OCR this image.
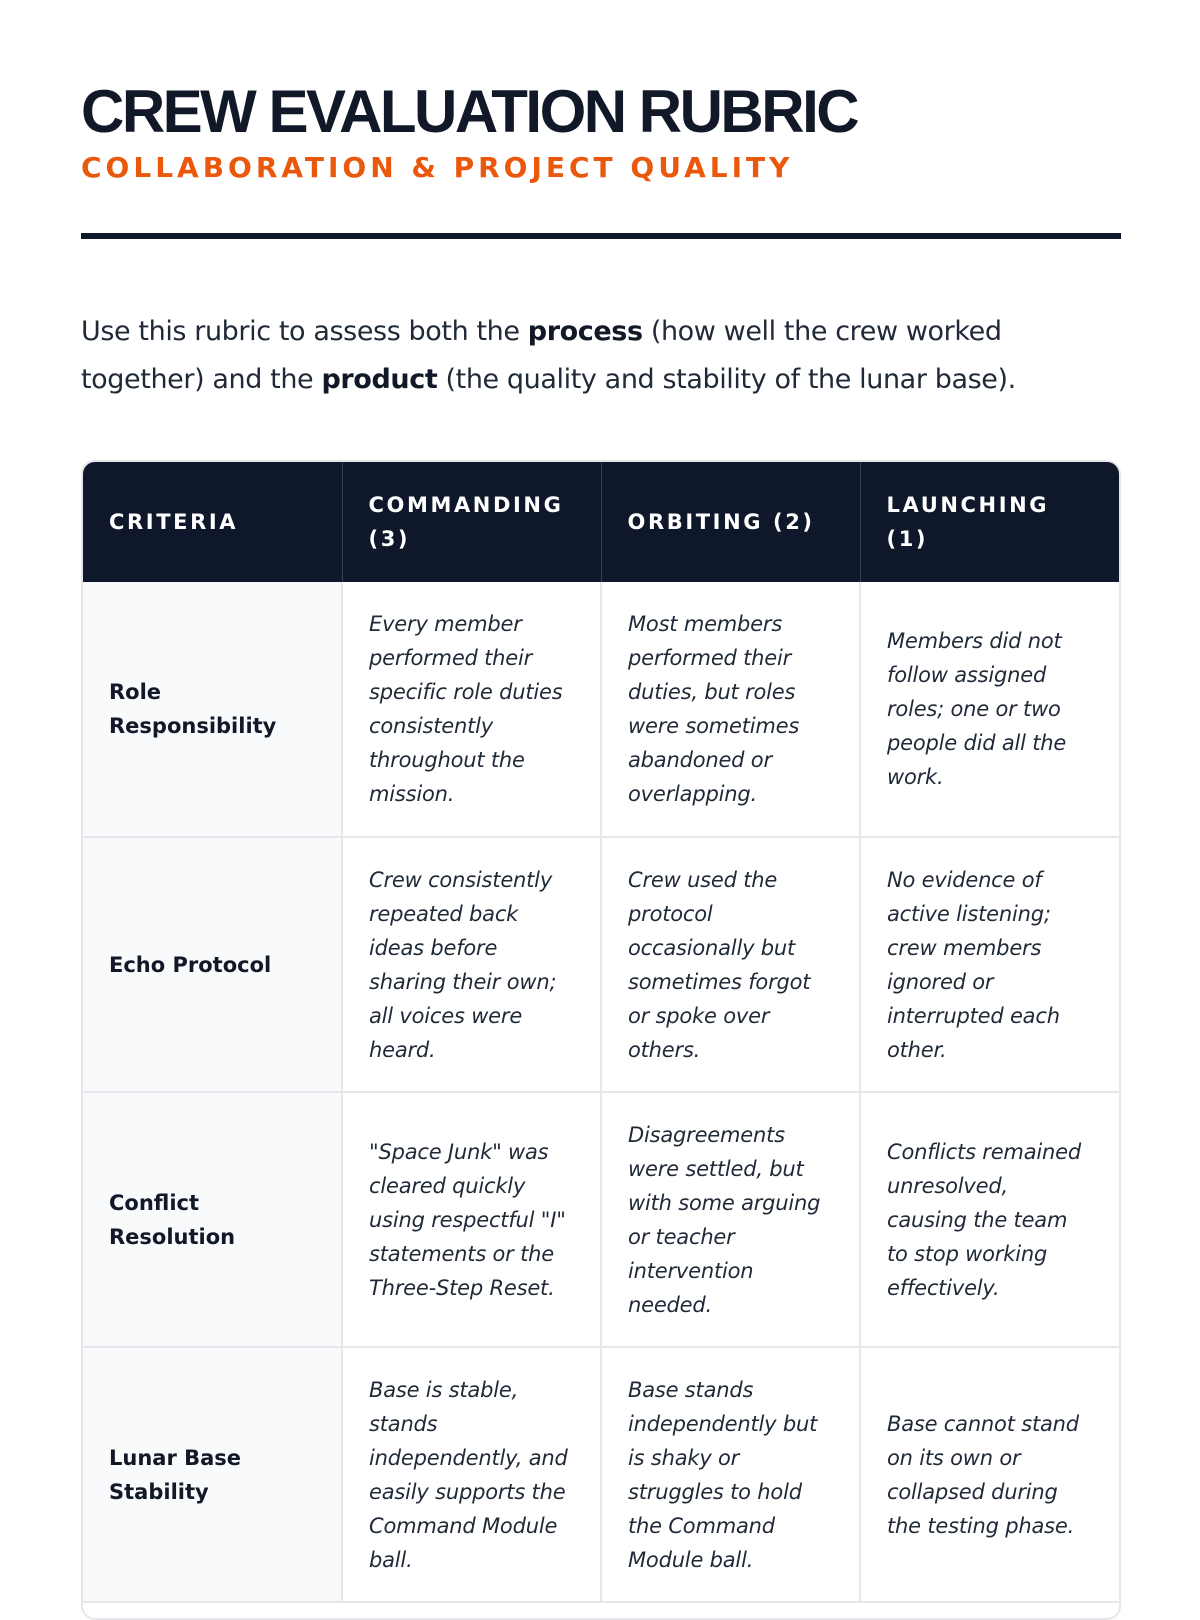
CREW EVALUATION RUBRIC
COLLABORATION & PROJECT QUALITY

Use this rubric to assess both the process (how well the crew worked together) and the product (the quality and stability of the lunar base).

CRITERIA	COMMANDING (3)	ORBITING (2)	LAUNCHING (1)
Role Responsibility	Every member performed their specific role duties consistently throughout the mission.	Most members performed their duties, but roles were sometimes abandoned or overlapping.	Members did not follow assigned roles; one or two people did all the work.
Echo Protocol	Crew consistently repeated back ideas before sharing their own; all voices were heard.	Crew used the protocol occasionally but sometimes forgot or spoke over others.	No evidence of active listening; crew members ignored or interrupted each other.
Conflict Resolution	"Space Junk" was cleared quickly using respectful "I" statements or the Three-Step Reset.	Disagreements were settled, but with some arguing or teacher intervention needed.	Conflicts remained unresolved, causing the team to stop working effectively.
Lunar Base Stability	Base is stable, stands independently, and easily supports the Command Module ball.	Base stands independently but is shaky or struggles to hold the Command Module ball.	Base cannot stand on its own or collapsed during the testing phase.
